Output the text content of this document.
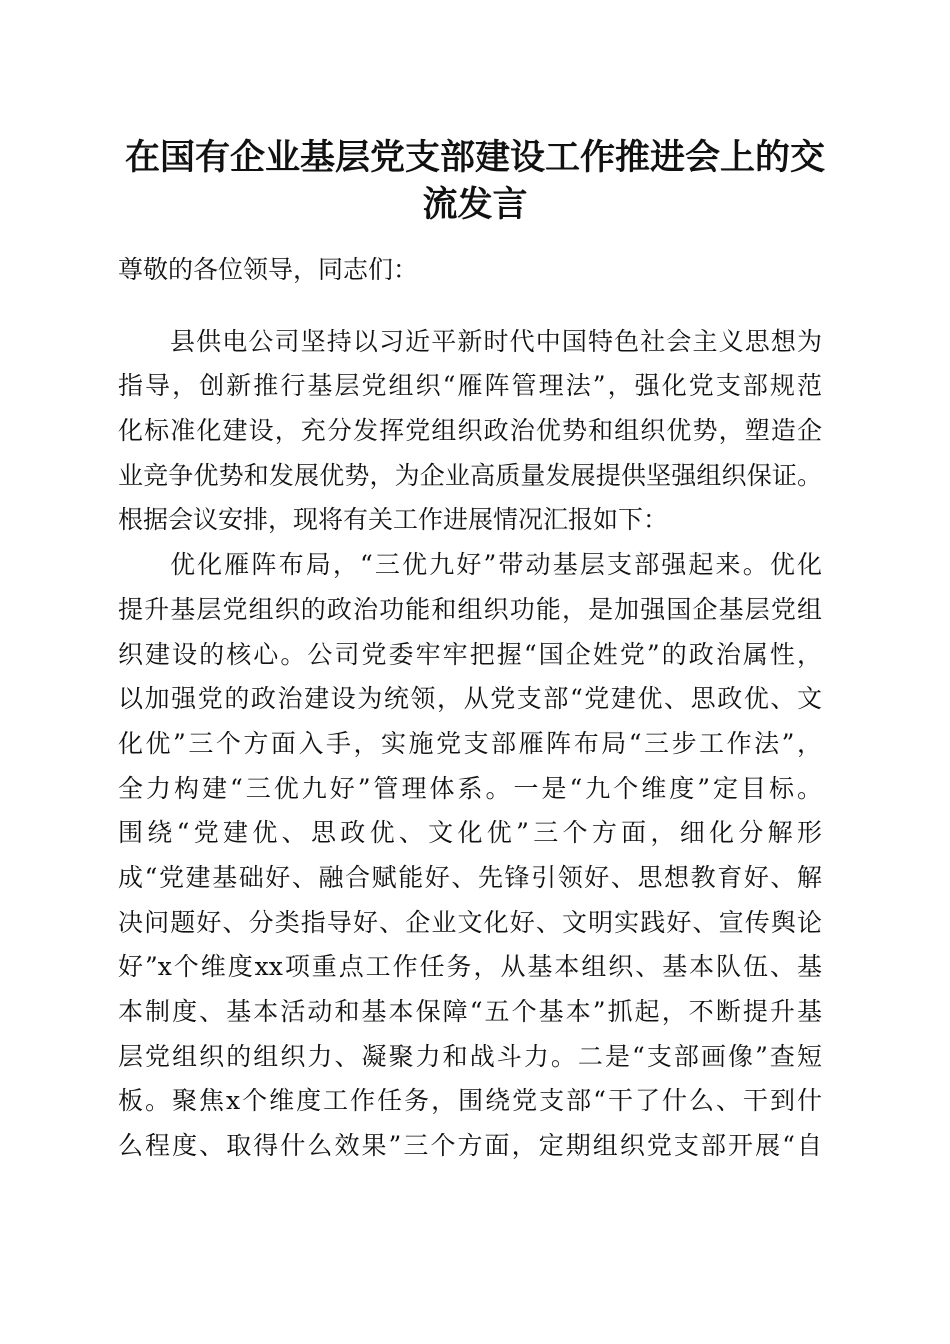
在国有企业基层党支部建设工作推进会上的交
流发言
尊敬的各位领导，同志们：
县供电公司坚持以习近平新时代中国特色社会主义思想为
指导，创新推行基层党组织“雁阵管理法”，强化党支部规范
化标准化建设，充分发挥党组织政治优势和组织优势，塑造企
业竞争优势和发展优势，为企业高质量发展提供坚强组织保证。
根据会议安排，现将有关工作进展情况汇报如下：
优化雁阵布局，“三优九好”带动基层支部强起来。优化
提升基层党组织的政治功能和组织功能，是加强国企基层党组
织建设的核心。公司党委牢牢把握“国企姓党”的政治属性，
以加强党的政治建设为统领，从党支部“党建优、思政优、文
化优”三个方面入手，实施党支部雁阵布局“三步工作法”，
全力构建“三优九好”管理体系。一是“九个维度”定目标。
围绕“党建优、思政优、文化优”三个方面，细化分解形
成“党建基础好、融合赋能好、先锋引领好、思想教育好、解
决问题好、分类指导好、企业文化好、文明实践好、宣传舆论
好”x个维度xx项重点工作任务，从基本组织、基本队伍、基
本制度、基本活动和基本保障“五个基本”抓起，不断提升基
层党组织的组织力、凝聚力和战斗力。二是“支部画像”查短
板。聚焦x个维度工作任务，围绕党支部“干了什么、干到什
么程度、取得什么效果”三个方面，定期组织党支部开展“自
